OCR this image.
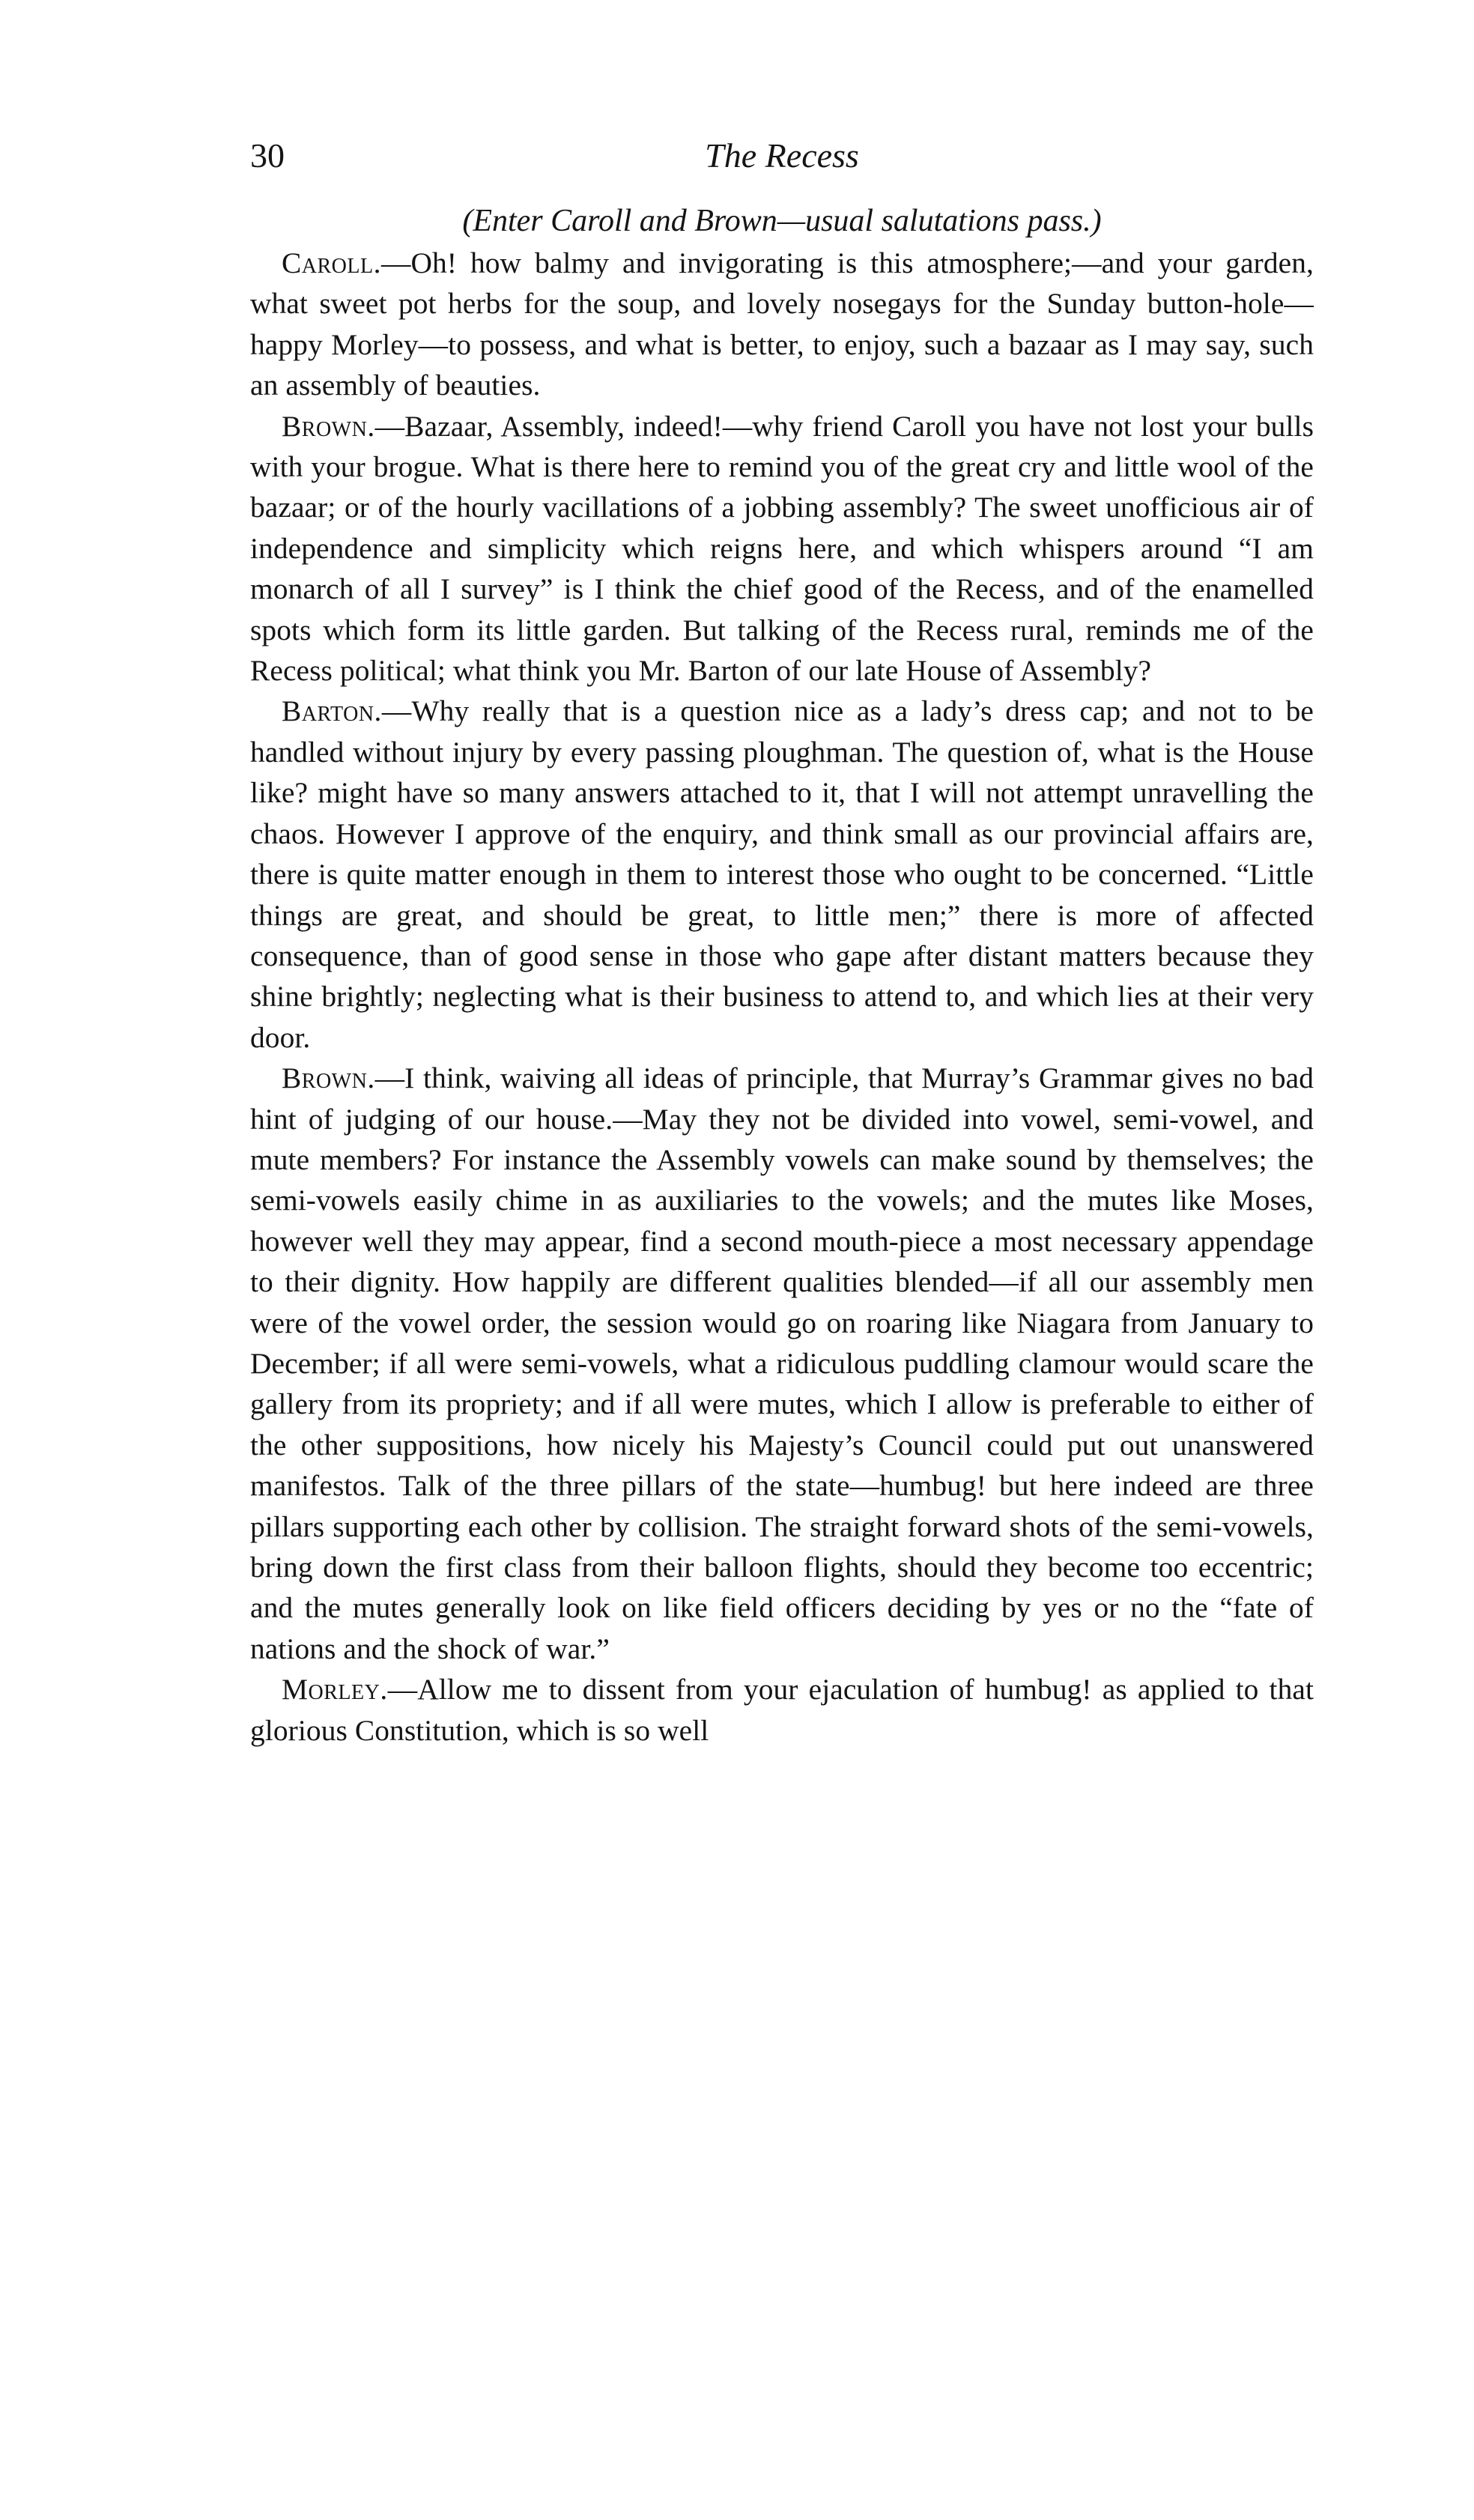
30	The Recess

(Enter Caroll and Brown—usual salutations pass.)

Caroll.—Oh! how balmy and invigorating is this atmosphere;—and your garden, what sweet pot herbs for the soup, and lovely nosegays for the Sunday button-hole—happy Morley—to possess, and what is better, to enjoy, such a bazaar as I may say, such an assembly of beauties.

Brown.—Bazaar, Assembly, indeed!—why friend Caroll you have not lost your bulls with your brogue. What is there here to remind you of the great cry and little wool of the bazaar; or of the hourly vacillations of a jobbing assembly? The sweet unofficious air of independence and simplicity which reigns here, and which whispers around “I am monarch of all I survey” is I think the chief good of the Recess, and of the enamelled spots which form its little garden. But talking of the Recess rural, reminds me of the Recess political; what think you Mr. Barton of our late House of Assembly?

Barton.—Why really that is a question nice as a lady’s dress cap; and not to be handled without injury by every passing ploughman. The question of, what is the House like? might have so many answers attached to it, that I will not attempt unravelling the chaos. However I approve of the enquiry, and think small as our provincial affairs are, there is quite matter enough in them to interest those who ought to be concerned. “Little things are great, and should be great, to little men;” there is more of affected consequence, than of good sense in those who gape after distant matters because they shine brightly; neglecting what is their business to attend to, and which lies at their very door.

Brown.—I think, waiving all ideas of principle, that Murray’s Grammar gives no bad hint of judging of our house.—May they not be divided into vowel, semi-vowel, and mute members? For instance the Assembly vowels can make sound by themselves; the semi-vowels easily chime in as auxiliaries to the vowels; and the mutes like Moses, however well they may appear, find a second mouth-piece a most necessary appendage to their dignity. How happily are different qualities blended—if all our assembly men were of the vowel order, the session would go on roaring like Niagara from January to December; if all were semi-vowels, what a ridiculous puddling clamour would scare the gallery from its propriety; and if all were mutes, which I allow is preferable to either of the other suppositions, how nicely his Majesty’s Council could put out unanswered manifestos. Talk of the three pillars of the state—humbug! but here indeed are three pillars supporting each other by collision. The straight forward shots of the semi-vowels, bring down the first class from their balloon flights, should they become too eccentric; and the mutes generally look on like field officers deciding by yes or no the “fate of nations and the shock of war.”

Morley.—Allow me to dissent from your ejaculation of humbug! as applied to that glorious Constitution, which is so well
